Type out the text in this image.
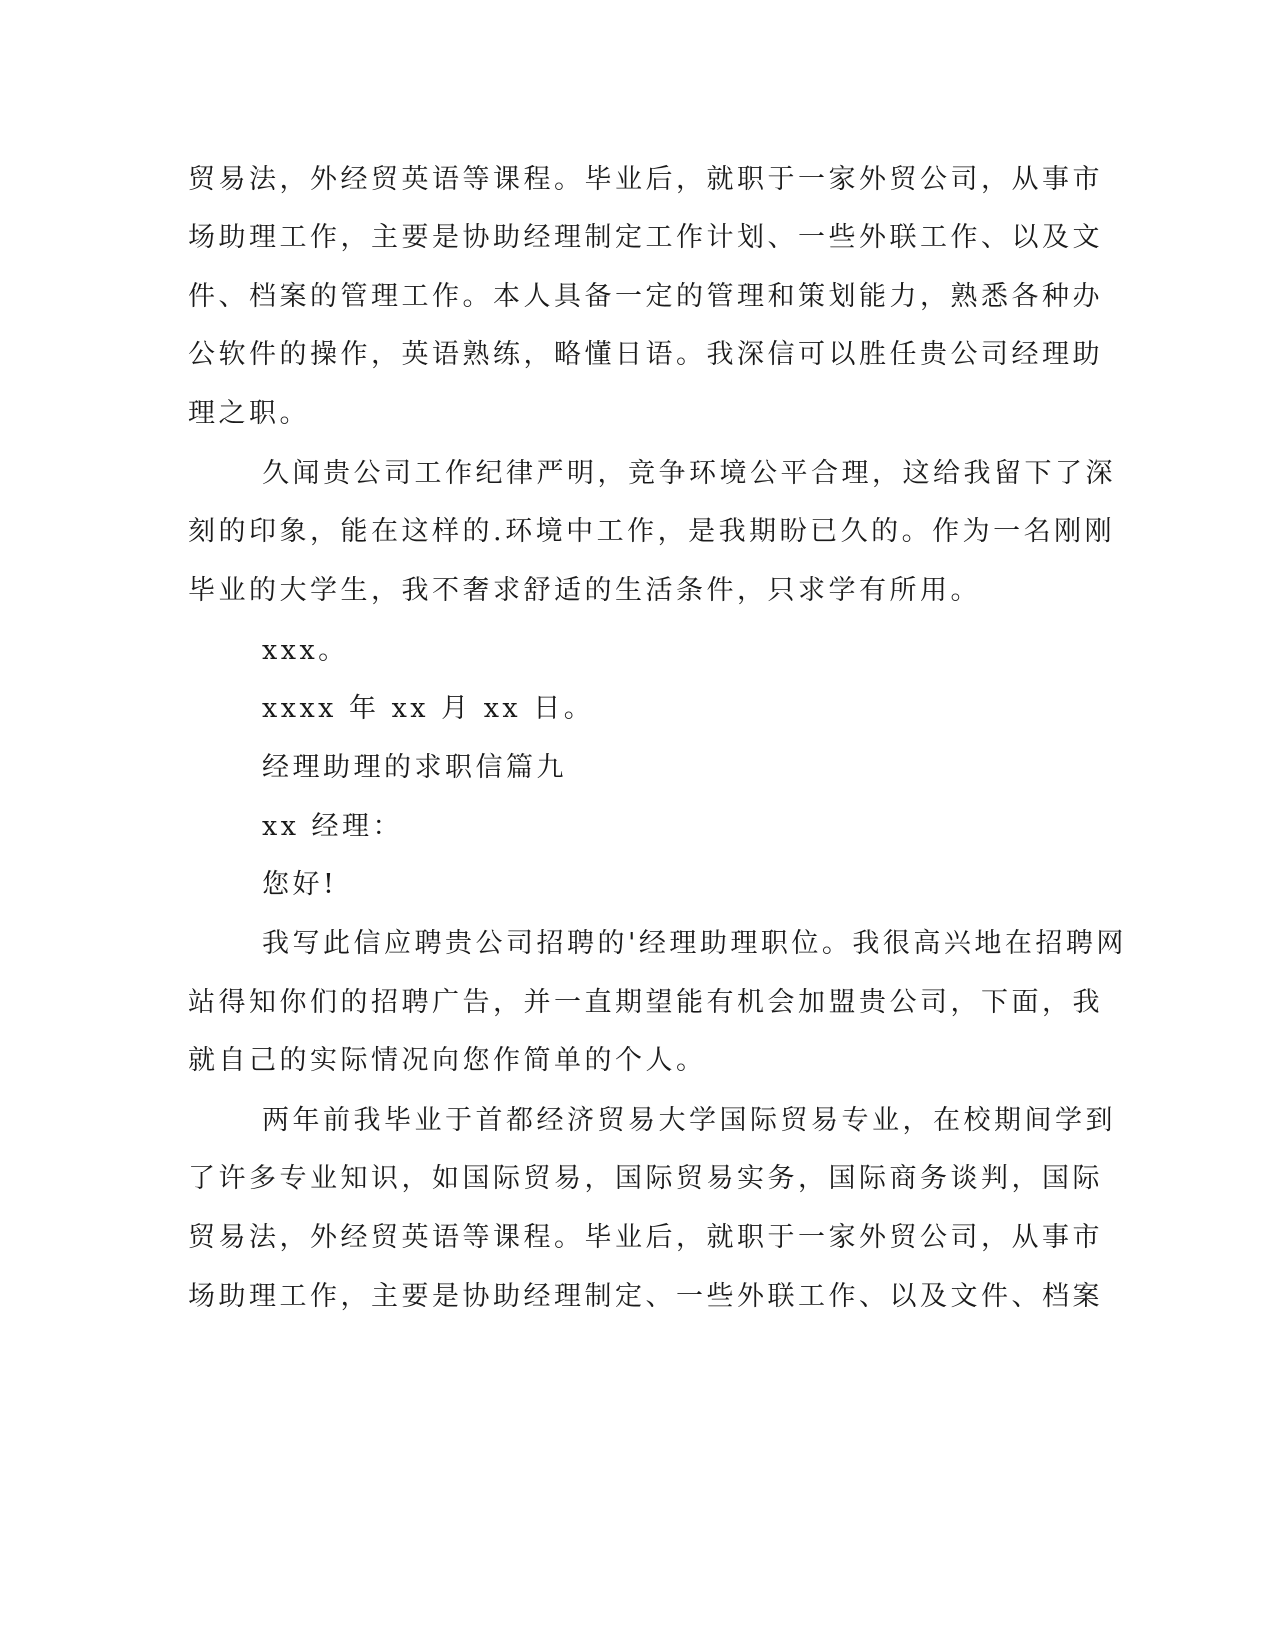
贸易法，外经贸英语等课程。毕业后，就职于一家外贸公司，从事市
场助理工作，主要是协助经理制定工作计划、一些外联工作、以及文
件、档案的管理工作。本人具备一定的管理和策划能力，熟悉各种办
公软件的操作，英语熟练，略懂日语。我深信可以胜任贵公司经理助
理之职。
久闻贵公司工作纪律严明，竞争环境公平合理，这给我留下了深
刻的印象，能在这样的.环境中工作，是我期盼已久的。作为一名刚刚
毕业的大学生，我不奢求舒适的生活条件，只求学有所用。
xxx。
xxxx 年 xx 月 xx 日。
经理助理的求职信篇九
xx 经理：
您好!
我写此信应聘贵公司招聘的'经理助理职位。我很高兴地在招聘网
站得知你们的招聘广告，并一直期望能有机会加盟贵公司，下面，我
就自己的实际情况向您作简单的个人。
两年前我毕业于首都经济贸易大学国际贸易专业，在校期间学到
了许多专业知识，如国际贸易，国际贸易实务，国际商务谈判，国际
贸易法，外经贸英语等课程。毕业后，就职于一家外贸公司，从事市
场助理工作，主要是协助经理制定、一些外联工作、以及文件、档案
